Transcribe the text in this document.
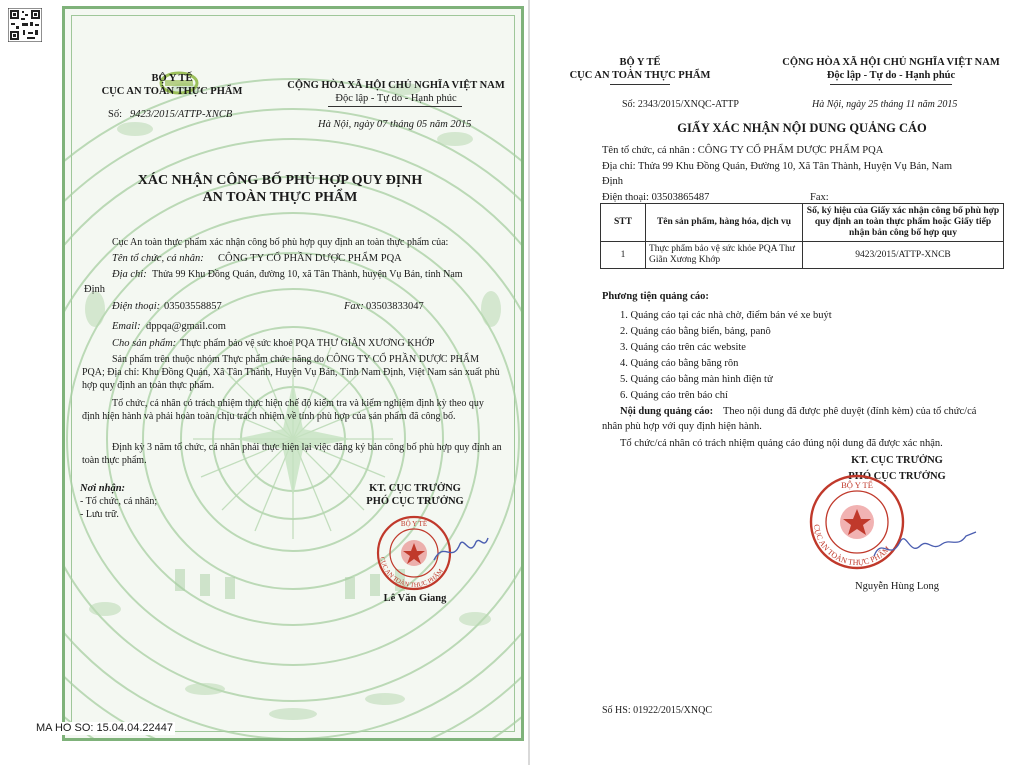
BỘ Y TẾ
CỤC AN TOÀN THỰC PHẨM
Số: 9423/2015/ATTP-XNCB
CỘNG HÒA XÃ HỘI CHỦ NGHĨA VIỆT NAM
Độc lập - Tự do - Hạnh phúc
Hà Nội, ngày 07 tháng 05 năm 2015
XÁC NHẬN CÔNG BỐ PHÙ HỢP QUY ĐỊNH
AN TOÀN THỰC PHẨM
Cục An toàn thực phẩm xác nhận công bố phù hợp quy định an toàn thực phẩm của:
Tên tổ chức, cá nhân: CÔNG TY CỔ PHẦN DƯỢC PHẨM PQA
Địa chỉ: Thửa 99 Khu Đồng Quán, đường 10, xã Tân Thành, huyện Vụ Bản, tỉnh Nam
Định
Điện thoại: 03503558857	Fax: 03503833047
Email: dppqa@gmail.com
Cho sản phẩm: Thực phẩm bảo vệ sức khoẻ PQA THƯ GIÃN XƯƠNG KHỚP
Sản phẩm trên thuộc nhóm Thực phẩm chức năng do CÔNG TY CỔ PHẦN DƯỢC PHẨM PQA; Địa chỉ: Khu Đồng Quán, Xã Tân Thành, Huyện Vụ Bản, Tỉnh Nam Định, Việt Nam sản xuất phù hợp quy định an toàn thực phẩm.
Tổ chức, cá nhân có trách nhiệm thực hiện chế độ kiểm tra và kiểm nghiệm định kỳ theo quy định hiện hành và phải hoàn toàn chịu trách nhiệm về tính phù hợp của sản phẩm đã công bố.
Định kỳ 3 năm tổ chức, cá nhân phải thực hiện lại việc đăng ký bản công bố phù hợp quy định an toàn thực phẩm.
Nơi nhận:
- Tổ chức, cá nhân;
- Lưu trữ.
KT. CỤC TRƯỞNG
PHÓ CỤC TRƯỞNG
BỘ Y TẾ
CỤC AN TOÀN THỰC PHẨM
Lê Văn Giang
MA HO SO: 15.04.04.22447
BỘ Y TẾ
CỤC AN TOÀN THỰC PHẨM
Số: 2343/2015/XNQC-ATTP
CỘNG HÒA XÃ HỘI CHỦ NGHĨA VIỆT NAM
Độc lập - Tự do - Hạnh phúc
Hà Nội, ngày 25 tháng 11 năm 2015
GIẤY XÁC NHẬN NỘI DUNG QUẢNG CÁO
Tên tổ chức, cá nhân : CÔNG TY CỔ PHẨM DƯỢC PHẨM PQA
Địa chỉ: Thửa 99 Khu Đồng Quán, Đường 10, Xã Tân Thành, Huyện Vụ Bản, Nam
Định
Điện thoại: 03503865487	Fax:
STT	Tên sản phẩm, hàng hóa, dịch vụ	Số, ký hiệu của Giấy xác nhận công bố phù hợp quy định an toàn thực phẩm hoặc Giấy tiếp nhận bản công bố hợp quy
1	Thực phẩm bảo vệ sức khỏe PQA Thư Giãn Xương Khớp	9423/2015/ATTP-XNCB
Phương tiện quảng cáo:
1. Quảng cáo tại các nhà chờ, điểm bán vé xe buýt
2. Quảng cáo bằng biển, bảng, panô
3. Quảng cáo trên các website
4. Quảng cáo bằng băng rôn
5. Quảng cáo bằng màn hình điện tử
6. Quảng cáo trên báo chí
Nội dung quảng cáo: Theo nội dung đã được phê duyệt (đính kèm) của tổ chức/cá
nhân phù hợp với quy định hiện hành.
Tổ chức/cá nhân có trách nhiệm quảng cáo đúng nội dung đã được xác nhận.
KT. CỤC TRƯỞNG
PHÓ CỤC TRƯỞNG
BỘ Y TẾ
CỤC AN TOÀN THỰC PHẨM
Nguyễn Hùng Long
Số HS: 01922/2015/XNQC
